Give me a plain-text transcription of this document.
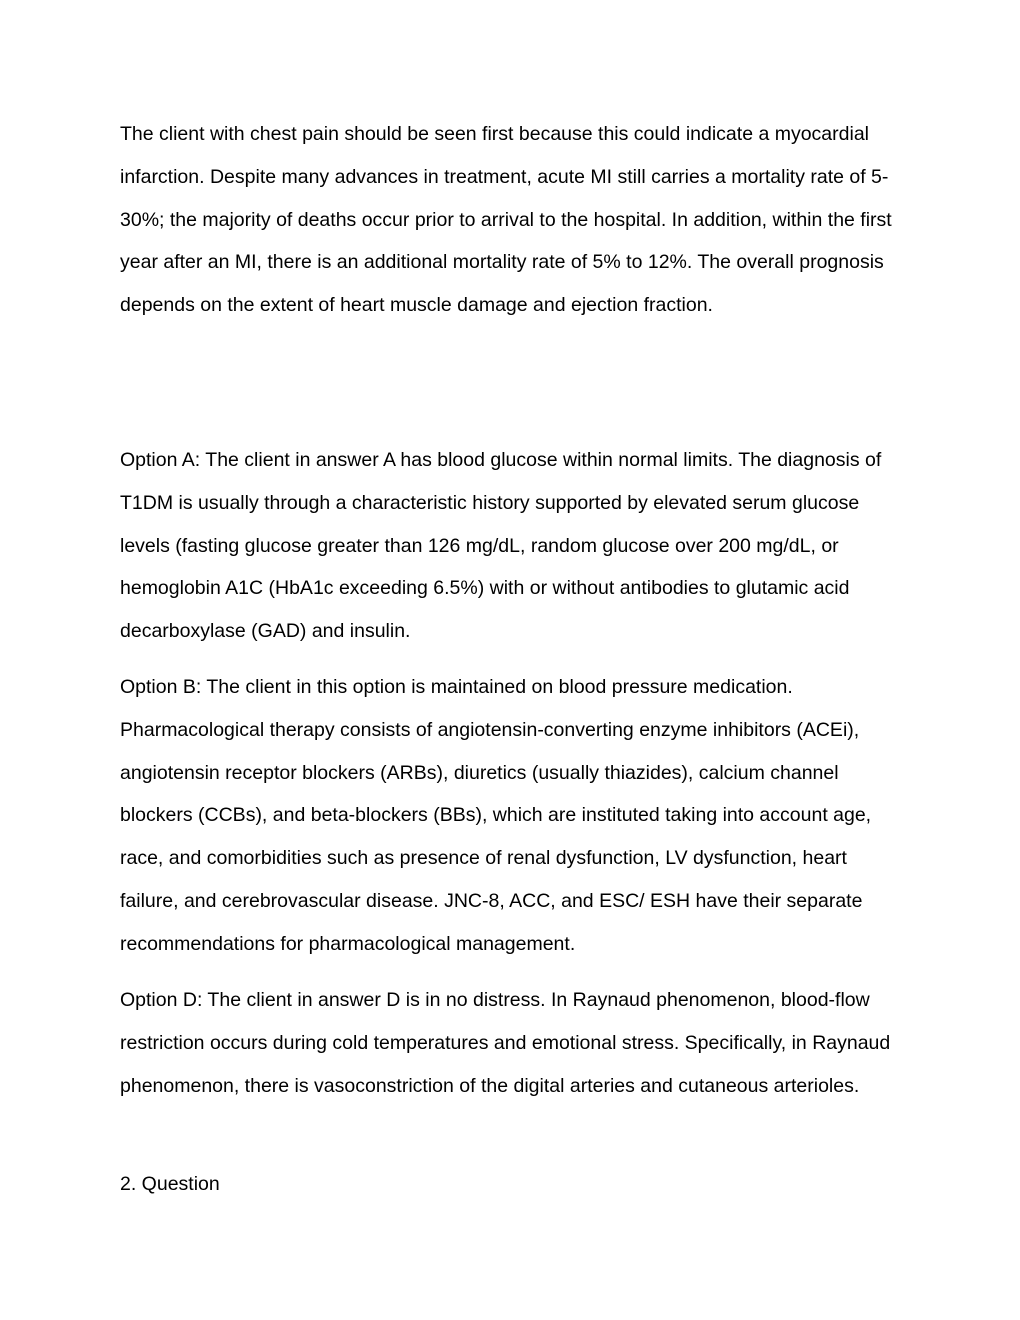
The client with chest pain should be seen first because this could indicate a myocardial infarction. Despite many advances in treatment, acute MI still carries a mortality rate of 5-30%; the majority of deaths occur prior to arrival to the hospital. In addition, within the first year after an MI, there is an additional mortality rate of 5% to 12%. The overall prognosis depends on the extent of heart muscle damage and ejection fraction.

Option A: The client in answer A has blood glucose within normal limits. The diagnosis of T1DM is usually through a characteristic history supported by elevated serum glucose levels (fasting glucose greater than 126 mg/dL, random glucose over 200 mg/dL, or hemoglobin A1C (HbA1c exceeding 6.5%) with or without antibodies to glutamic acid decarboxylase (GAD) and insulin.

Option B: The client in this option is maintained on blood pressure medication. Pharmacological therapy consists of angiotensin-converting enzyme inhibitors (ACEi), angiotensin receptor blockers (ARBs), diuretics (usually thiazides), calcium channel blockers (CCBs), and beta-blockers (BBs), which are instituted taking into account age, race, and comorbidities such as presence of renal dysfunction, LV dysfunction, heart failure, and cerebrovascular disease. JNC-8, ACC, and ESC/ ESH have their separate recommendations for pharmacological management.

Option D: The client in answer D is in no distress. In Raynaud phenomenon, blood-flow restriction occurs during cold temperatures and emotional stress. Specifically, in Raynaud phenomenon, there is vasoconstriction of the digital arteries and cutaneous arterioles.

2. Question
